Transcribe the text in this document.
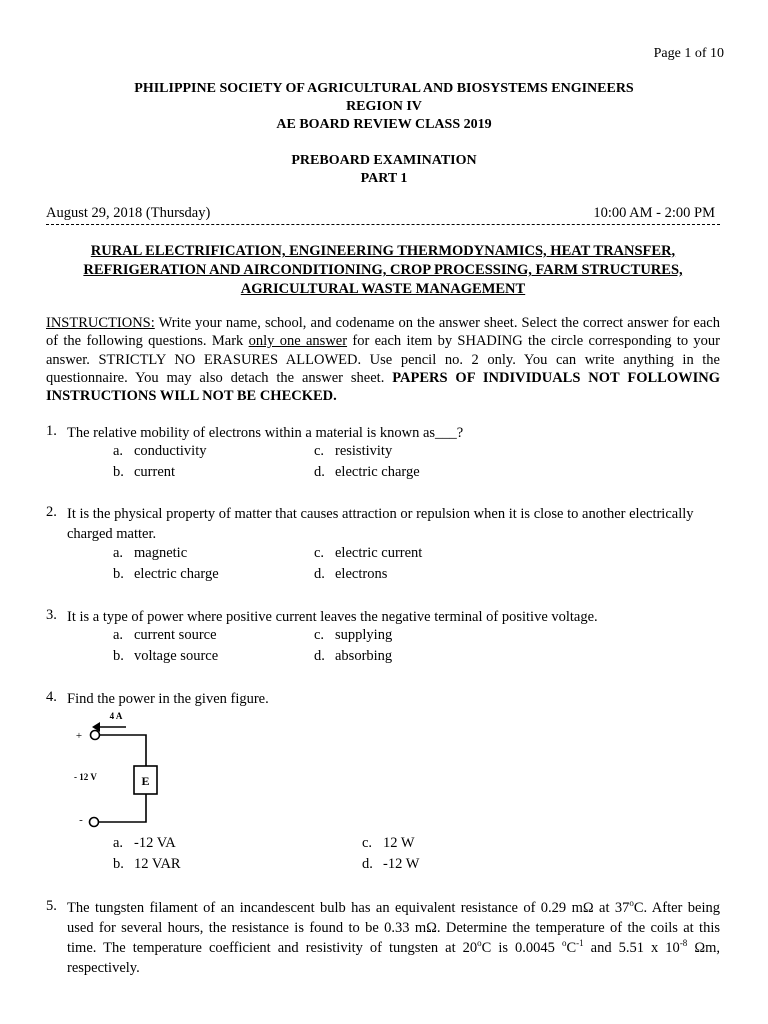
Page 1 of 10
PHILIPPINE SOCIETY OF AGRICULTURAL AND BIOSYSTEMS ENGINEERS
REGION IV
AE BOARD REVIEW CLASS 2019
PREBOARD EXAMINATION
PART 1
August 29, 2018 (Thursday)	10:00 AM - 2:00 PM
RURAL ELECTRIFICATION, ENGINEERING THERMODYNAMICS, HEAT TRANSFER,
REFRIGERATION AND AIRCONDITIONING, CROP PROCESSING, FARM STRUCTURES,
AGRICULTURAL WASTE MANAGEMENT
INSTRUCTIONS: Write your name, school, and codename on the answer sheet. Select the correct answer for each of the following questions. Mark only one answer for each item by SHADING the circle corresponding to your answer. STRICTLY NO ERASURES ALLOWED. Use pencil no. 2 only. You can write anything in the questionnaire. You may also detach the answer sheet. PAPERS OF INDIVIDUALS NOT FOLLOWING INSTRUCTIONS WILL NOT BE CHECKED.
1. The relative mobility of electrons within a material is known as___?
a. conductivity
b. current
c. resistivity
d. electric charge
2. It is the physical property of matter that causes attraction or repulsion when it is close to another electrically charged matter.
a. magnetic
b. electric charge
c. electric current
d. electrons
3. It is a type of power where positive current leaves the negative terminal of positive voltage.
a. current source
b. voltage source
c. supplying
d. absorbing
4. Find the power in the given figure.
4 A
+
E
- 12 V
-
a. -12 VA
b. 12 VAR
c. 12 W
d. -12 W
5. The tungsten filament of an incandescent bulb has an equivalent resistance of 0.29 mΩ at 37$^o$C. After being used for several hours, the resistance is found to be 0.33 mΩ. Determine the temperature of the coils at this time. The temperature coefficient and resistivity of tungsten at 20$^o$C is 0.0045 $^oC^{-1}$ and 5.51 x $10^{-8}$ Ωm, respectively.
